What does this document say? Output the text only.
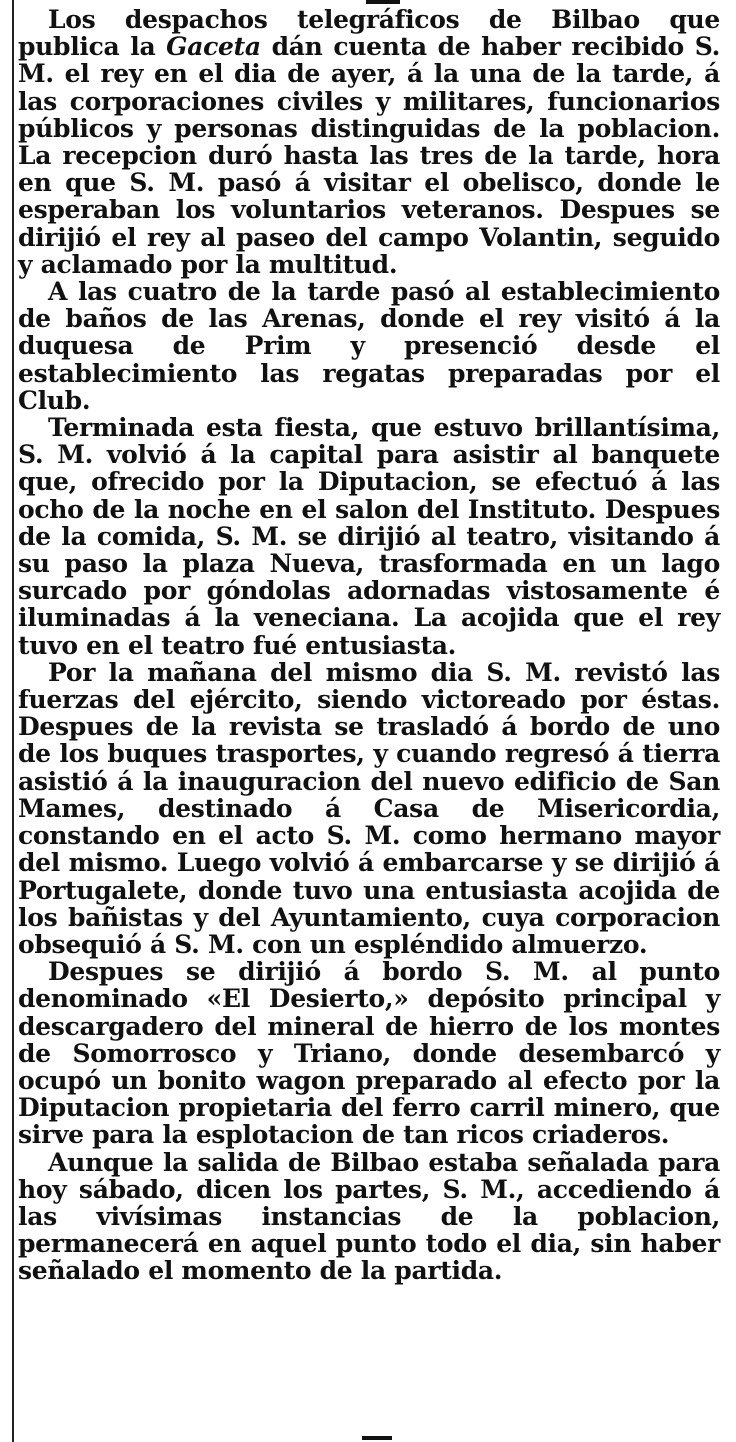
Los despachos telegráficos de Bilbao que publica la Gaceta dán cuenta de haber recibido S. M. el rey en el dia de ayer, á la una de la tarde, á las corporaciones civiles y militares, funcionarios públicos y personas distinguidas de la poblacion. La recepcion duró hasta las tres de la tarde, hora en que S. M. pasó á visitar el obelisco, donde le esperaban los voluntarios veteranos. Despues se dirijió el rey al paseo del campo Volantin, seguido y aclamado por la multitud.

A las cuatro de la tarde pasó al establecimiento de baños de las Arenas, donde el rey visitó á la duquesa de Prim y presenció desde el establecimiento las regatas preparadas por el Club.

Terminada esta fiesta, que estuvo brillantísima, S. M. volvió á la capital para asistir al banquete que, ofrecido por la Diputacion, se efectuó á las ocho de la noche en el salon del Instituto. Despues de la comida, S. M. se dirijió al teatro, visitando á su paso la plaza Nueva, trasformada en un lago surcado por góndolas adornadas vistosamente é iluminadas á la veneciana. La acojida que el rey tuvo en el teatro fué entusiasta.

Por la mañana del mismo dia S. M. revistó las fuerzas del ejército, siendo victoreado por éstas. Despues de la revista se trasladó á bordo de uno de los buques trasportes, y cuando regresó á tierra asistió á la inauguracion del nuevo edificio de San Mames, destinado á Casa de Misericordia, constando en el acto S. M. como hermano mayor del mismo. Luego volvió á embarcarse y se dirijió á Portugalete, donde tuvo una entusiasta acojida de los bañistas y del Ayuntamiento, cuya corporacion obsequió á S. M. con un espléndido almuerzo.

Despues se dirijió á bordo S. M. al punto denominado «El Desierto,» depósito principal y descargadero del mineral de hierro de los montes de Somorrosco y Triano, donde desembarcó y ocupó un bonito wagon preparado al efecto por la Diputacion propietaria del ferro carril minero, que sirve para la esplotacion de tan ricos criaderos.

Aunque la salida de Bilbao estaba señalada para hoy sábado, dicen los partes, S. M., accediendo á las vivísimas instancias de la poblacion, permanecerá en aquel punto todo el dia, sin haber señalado el momento de la partida.
